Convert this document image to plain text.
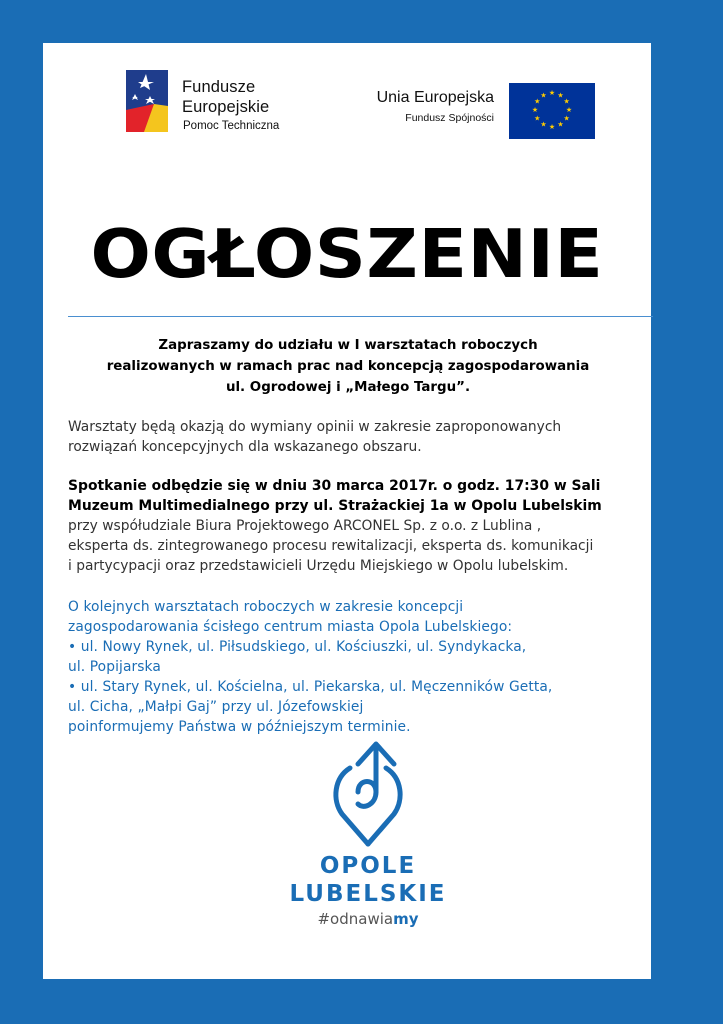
Fundusze
Europejskie
Pomoc Techniczna
Unia Europejska
Fundusz Spójności
★ ★
★
★
★
★
★
★
★
★
★
★
OGŁOSZENIE
Zapraszamy do udziału w I warsztatach roboczych
realizowanych w ramach prac nad koncepcją zagospodarowania
ul. Ogrodowej i „Małego Targu”.
Warsztaty będą okazją do wymiany opinii w zakresie zaproponowanych
rozwiązań koncepcyjnych dla wskazanego obszaru.
Spotkanie odbędzie się w dniu 30 marca 2017r. o godz. 17:30 w Sali
Muzeum Multimedialnego przy ul. Strażackiej 1a w Opolu Lubelskim
przy współudziale Biura Projektowego ARCONEL Sp. z o.o. z Lublina ,
eksperta ds. zintegrowanego procesu rewitalizacji, eksperta ds. komunikacji
i partycypacji oraz przedstawicieli Urzędu Miejskiego w Opolu lubelskim.
O kolejnych warsztatach roboczych w zakresie koncepcji
zagospodarowania ścisłego centrum miasta Opola Lubelskiego:
• ul. Nowy Rynek, ul. Piłsudskiego, ul. Kościuszki, ul. Syndykacka,
ul. Popijarska
• ul. Stary Rynek, ul. Kościelna, ul. Piekarska, ul. Męczenników Getta,
ul. Cicha, „Małpi Gaj” przy ul. Józefowskiej
poinformujemy Państwa w późniejszym terminie.
OPOLE
LUBELSKIE
#odnawiamy
